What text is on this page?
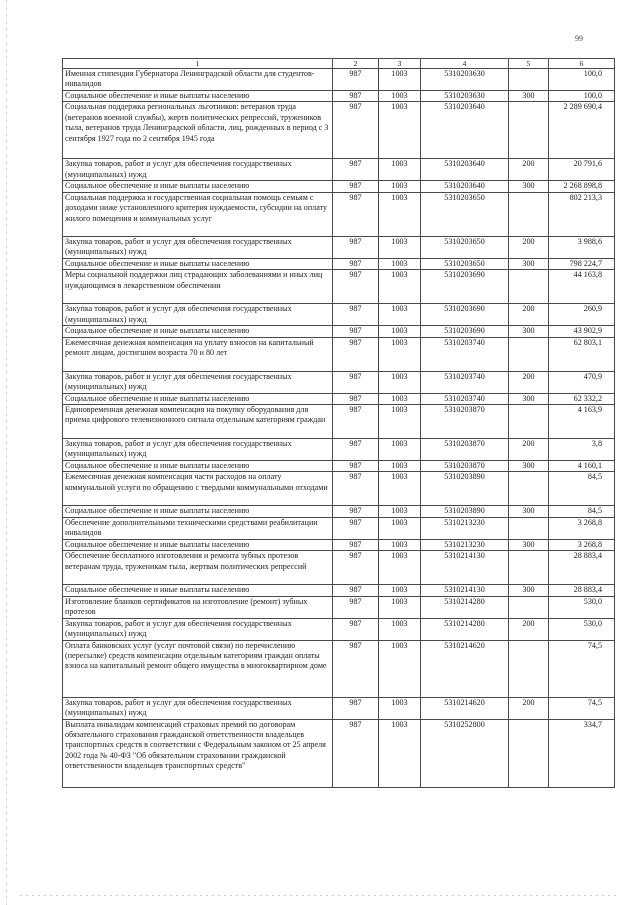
99
1	2	3	4	5	6
Именная стипендия Губернатора Ленинградской области для студентов-инвалидов	987	1003	5310203630		100,0
Социальное обеспечение и иные выплаты населению	987	1003	5310203630	300	100,0
Социальная поддержка региональных льготников: ветеранов труда (ветеранов военной службы), жертв политических репрессий, тружеников тыла, ветеранов труда Ленинградской области, лиц, рожденных в период с 3 сентября 1927 года по 2 сентября 1945 года	987	1003	5310203640		2 289 690,4
Закупка товаров, работ и услуг для обеспечения государственных (муниципальных) нужд	987	1003	5310203640	200	20 791,6
Социальное обеспечение и иные выплаты населению	987	1003	5310203640	300	2 268 898,8
Социальная поддержка и государственная социальная помощь семьям с доходами ниже установленного критерия нуждаемости, субсидии на оплату жилого помещения и коммунальных услуг	987	1003	5310203650		802 213,3
Закупка товаров, работ и услуг для обеспечения государственных (муниципальных) нужд	987	1003	5310203650	200	3 988,6
Социальное обеспечение и иные выплаты населению	987	1003	5310203650	300	798 224,7
Меры социальной поддержки лиц страдающих заболеваниями и иных лиц нуждающимся в лекарственном обеспечении	987	1003	5310203690		44 163,8
Закупка товаров, работ и услуг для обеспечения государственных (муниципальных) нужд	987	1003	5310203690	200	260,9
Социальное обеспечение и иные выплаты населению	987	1003	5310203690	300	43 902,9
Ежемесячная денежная компенсация на уплату взносов на капитальный ремонт лицам, достигшим возраста 70 и 80 лет	987	1003	5310203740		62 803,1
Закупка товаров, работ и услуг для обеспечения государственных (муниципальных) нужд	987	1003	5310203740	200	470,9
Социальное обеспечение и иные выплаты населению	987	1003	5310203740	300	62 332,2
Единовременная денежная компенсация на покупку оборудования для приема цифрового телевизионного сигнала отдельным категориям граждан	987	1003	5310203870		4 163,9
Закупка товаров, работ и услуг для обеспечения государственных (муниципальных) нужд	987	1003	5310203870	200	3,8
Социальное обеспечение и иные выплаты населению	987	1003	5310203870	300	4 160,1
Ежемесячная денежная компенсация части расходов на оплату коммунальной услуги по обращению с твердыми коммунальными отходами	987	1003	5310203890		84,5
Социальное обеспечение и иные выплаты населению	987	1003	5310203890	300	84,5
Обеспечение дополнительными техническими средствами реабилитации инвалидов	987	1003	5310213230		3 268,8
Социальное обеспечение и иные выплаты населению	987	1003	5310213230	300	3 268,8
Обеспечение бесплатного изготовления и ремонта зубных протезов ветеранам труда, труженикам тыла, жертвам политических репрессий	987	1003	5310214130		28 883,4
Социальное обеспечение и иные выплаты населению	987	1003	5310214130	300	28 883,4
Изготовление бланков сертификатов на изготовление (ремонт) зубных протезов	987	1003	5310214280		530,0
Закупка товаров, работ и услуг для обеспечения государственных (муниципальных) нужд	987	1003	5310214280	200	530,0
Оплата банковских услуг (услуг почтовой связи) по перечислению (пересылке) средств компенсации отдельным категориям граждан оплаты взноса на капитальный ремонт общего имущества в многоквартирном доме	987	1003	5310214620		74,5
Закупка товаров, работ и услуг для обеспечения государственных (муниципальных) нужд	987	1003	5310214620	200	74,5
Выплата инвалидам компенсаций страховых премий по договорам обязательного страхования гражданской ответственности владельцев транспортных средств в соответствии с Федеральным законом от 25 апреля 2002 года № 40-ФЗ "Об обязательном страховании гражданской ответственности владельцев транспортных средств"	987	1003	5310252800		334,7
